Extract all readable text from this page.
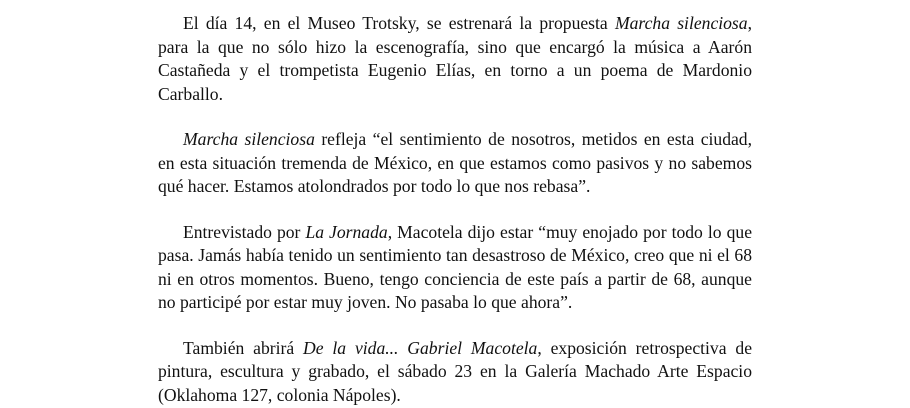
El día 14, en el Museo Trotsky, se estrenará la propuesta Marcha silenciosa, para la que no sólo hizo la escenografía, sino que encargó la música a Aarón Castañeda y el trompetista Eugenio Elías, en torno a un poema de Mardonio Carballo.

Marcha silenciosa refleja “el sentimiento de nosotros, metidos en esta ciudad, en esta situación tremenda de México, en que estamos como pasivos y no sabemos qué hacer. Estamos atolondrados por todo lo que nos rebasa”.

Entrevistado por La Jornada, Macotela dijo estar “muy enojado por todo lo que pasa. Jamás había tenido un sentimiento tan desastroso de México, creo que ni el 68 ni en otros momentos. Bueno, tengo conciencia de este país a partir de 68, aunque no participé por estar muy joven. No pasaba lo que ahora”.

También abrirá De la vida... Gabriel Macotela, exposición retrospectiva de pintura, escultura y grabado, el sábado 23 en la Galería Machado Arte Espacio (Oklahoma 127, colonia Nápoles).
